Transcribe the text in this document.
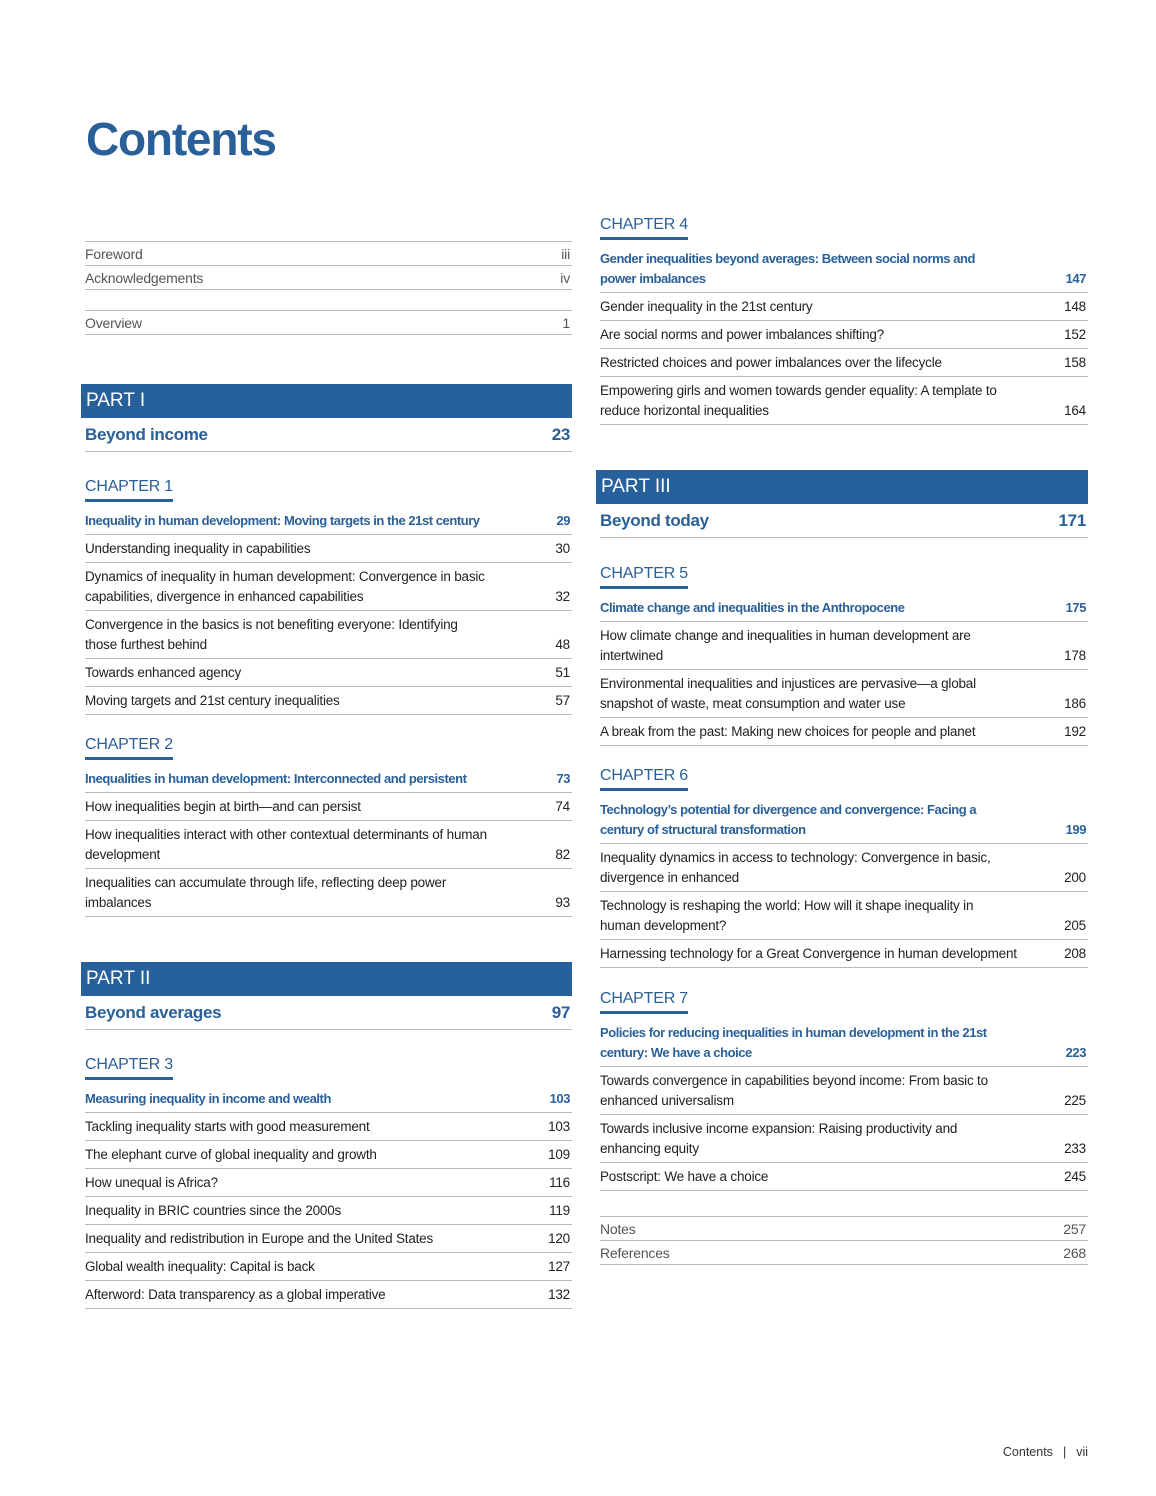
Contents
Foreword	iii
Acknowledgements	iv
Overview	1
PART I
Beyond income	23
CHAPTER 1
Inequality in human development: Moving targets in the 21st century	29
Understanding inequality in capabilities	30
Dynamics of inequality in human development: Convergence in basic
capabilities, divergence in enhanced capabilities	32
Convergence in the basics is not benefiting everyone: Identifying
those furthest behind	48
Towards enhanced agency	51
Moving targets and 21st century inequalities	57
CHAPTER 2
Inequalities in human development: Interconnected and persistent	73
How inequalities begin at birth—and can persist	74
How inequalities interact with other contextual determinants of human
development	82
Inequalities can accumulate through life, reflecting deep power
imbalances	93
PART II
Beyond averages	97
CHAPTER 3
Measuring inequality in income and wealth	103
Tackling inequality starts with good measurement	103
The elephant curve of global inequality and growth	109
How unequal is Africa?	116
Inequality in BRIC countries since the 2000s	119
Inequality and redistribution in Europe and the United States	120
Global wealth inequality: Capital is back	127
Afterword: Data transparency as a global imperative	132
CHAPTER 4
Gender inequalities beyond averages: Between social norms and
power imbalances	147
Gender inequality in the 21st century	148
Are social norms and power imbalances shifting?	152
Restricted choices and power imbalances over the lifecycle	158
Empowering girls and women towards gender equality: A template to
reduce horizontal inequalities	164
PART III
Beyond today	171
CHAPTER 5
Climate change and inequalities in the Anthropocene	175
How climate change and inequalities in human development are
intertwined	178
Environmental inequalities and injustices are pervasive—a global
snapshot of waste, meat consumption and water use	186
A break from the past: Making new choices for people and planet	192
CHAPTER 6
Technology’s potential for divergence and convergence: Facing a
century of structural transformation	199
Inequality dynamics in access to technology: Convergence in basic,
divergence in enhanced	200
Technology is reshaping the world: How will it shape inequality in
human development?	205
Harnessing technology for a Great Convergence in human development	208
CHAPTER 7
Policies for reducing inequalities in human development in the 21st
century: We have a choice	223
Towards convergence in capabilities beyond income: From basic to
enhanced universalism	225
Towards inclusive income expansion: Raising productivity and
enhancing equity	233
Postscript: We have a choice	245
Notes	257
References	268
Contents | vii
